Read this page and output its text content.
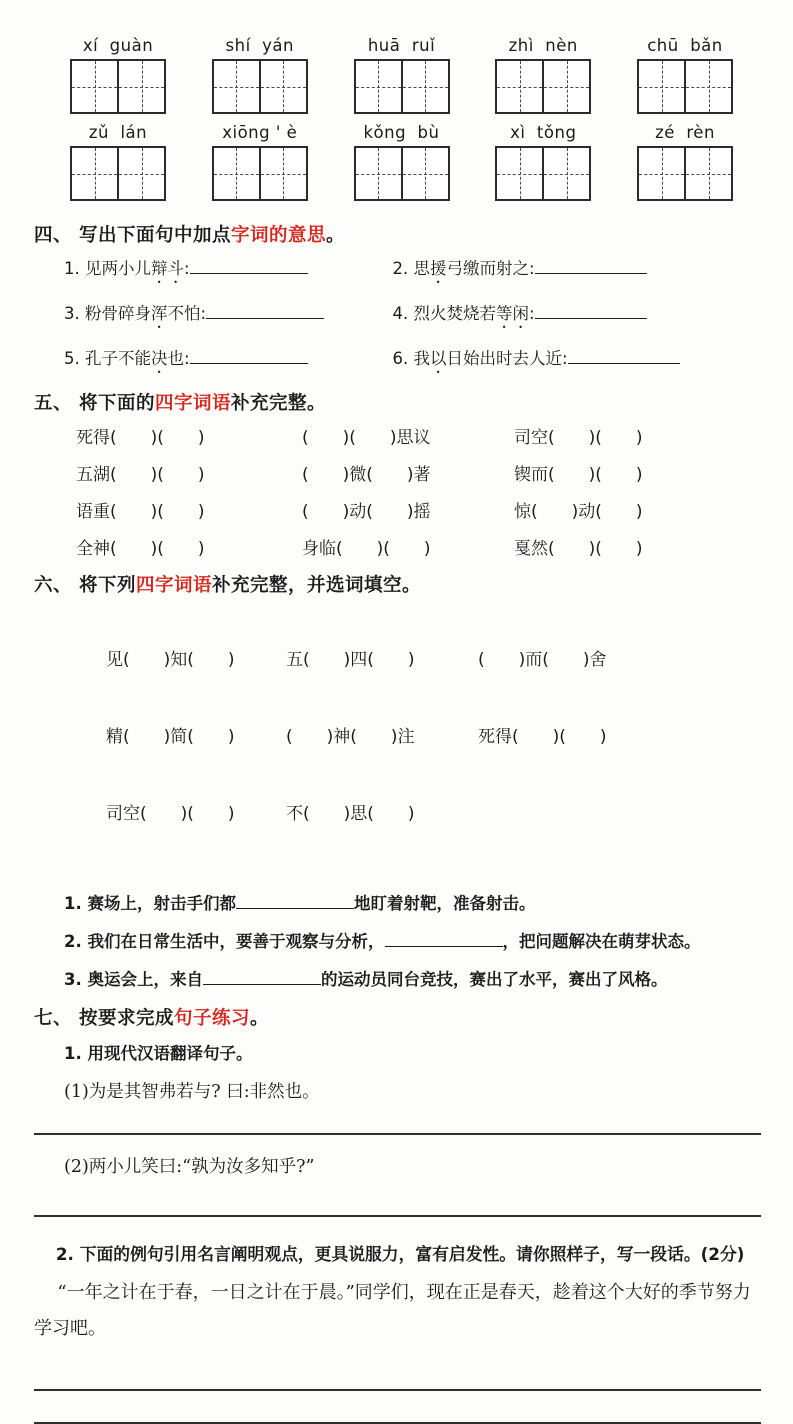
xí  guàn	shí  yán	huā  ruǐ	zhì  nèn	chū  bǎn
zǔ  lán	xiōng ' è	kǒng  bù	xì  tǒng	zé  rèn
四、 写出下面句中加点字词的意思。
1. 见两小儿辩斗:	2. 思援弓缴而射之:
3. 粉骨碎身浑不怕:	4. 烈火焚烧若等闲:
5. 孔子不能决也:	6. 我以日始出时去人近:
五、 将下面的四字词语补充完整。
死得(　　)(　　)	(　　)(　　)思议	司空(　　)(　　)
五湖(　　)(　　)	(　　)微(　　)著	锲而(　　)(　　)
语重(　　)(　　)	(　　)动(　　)摇	惊(　　)动(　　)
全神(　　)(　　)	身临(　　)(　　)	戛然(　　)(　　)
六、 将下列四字词语补充完整，并选词填空。

见(　　)知(　　)	五(　　)四(　　)	(　　)而(　　)舍

精(　　)简(　　)	(　　)神(　　)注	死得(　　)(　　)

司空(　　)(　　)	不(　　)思(　　)

1. 赛场上，射击手们都	地盯着射靶，准备射击。
2. 我们在日常生活中，要善于观察与分析，	，把问题解决在萌芽状态。
3. 奥运会上，来自	的运动员同台竞技，赛出了水平，赛出了风格。
七、 按要求完成句子练习。
1. 用现代汉语翻译句子。
(1)为是其智弗若与? 曰:非然也。
(2)两小儿笑曰:“孰为汝多知乎?”
2. 下面的例句引用名言阐明观点，更具说服力，富有启发性。请你照样子，写一段话。(2分)
“一年之计在于春，一日之计在于晨。”同学们，现在正是春天，趁着这个大好的季节努力学习吧。
